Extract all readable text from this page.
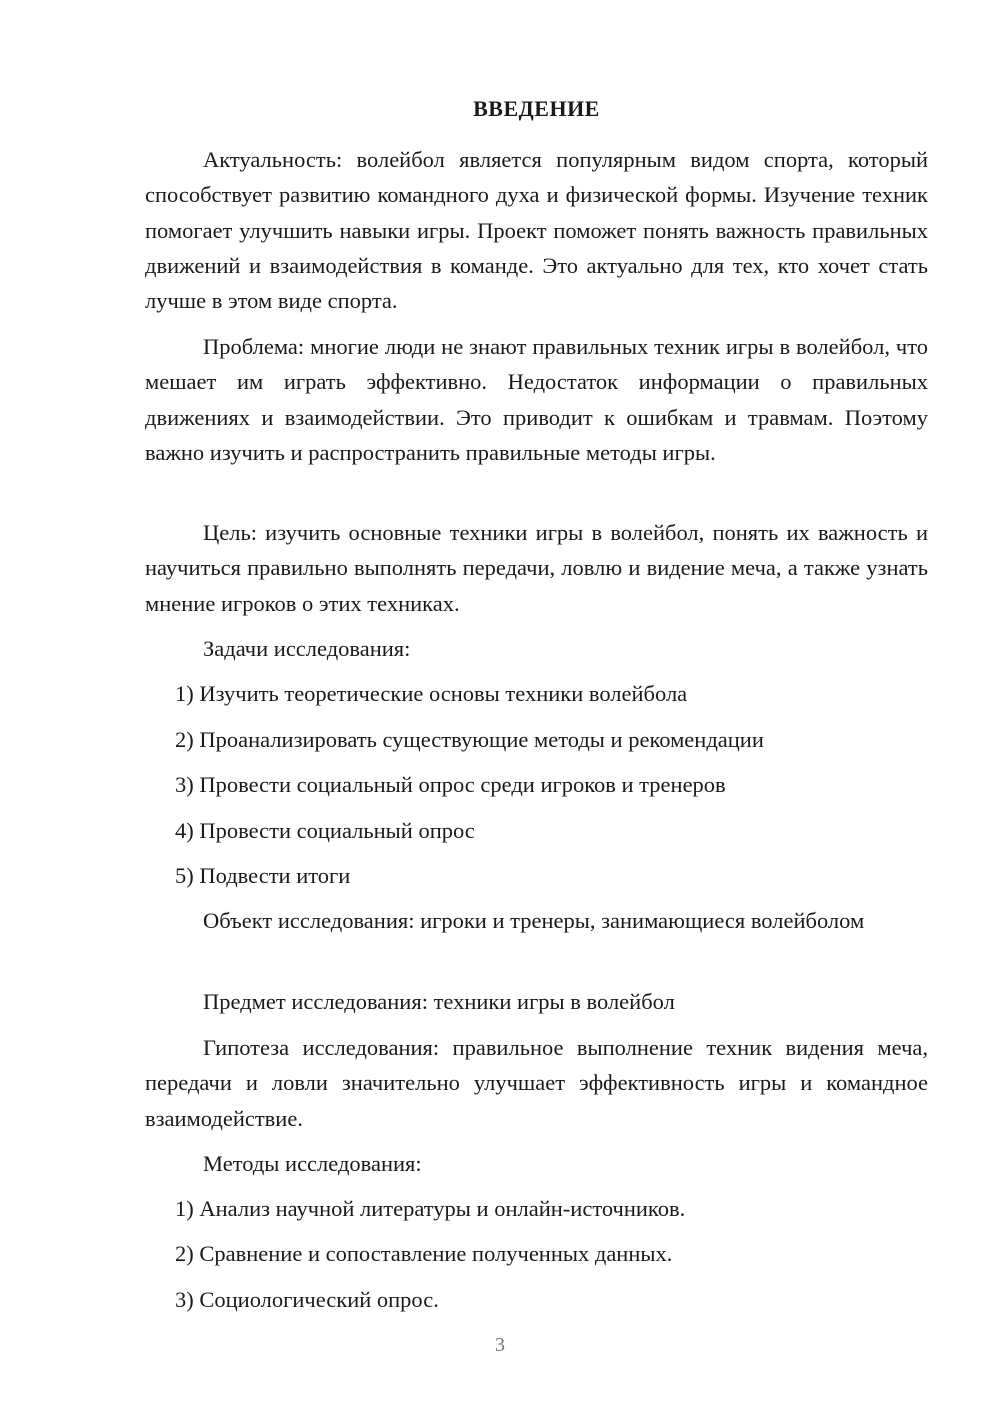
ВВЕДЕНИЕ

Актуальность: волейбол является популярным видом спорта, который способствует развитию командного духа и физической формы. Изучение техник помогает улучшить навыки игры. Проект поможет понять важность правильных движений и взаимодействия в команде. Это актуально для тех, кто хочет стать лучше в этом виде спорта.

Проблема: многие люди не знают правильных техник игры в волейбол, что мешает им играть эффективно. Недостаток информации о правильных движениях и взаимодействии. Это приводит к ошибкам и травмам. Поэтому важно изучить и распространить правильные методы игры.

Цель: изучить основные техники игры в волейбол, понять их важность и научиться правильно выполнять передачи, ловлю и видение меча, а также узнать мнение игроков о этих техниках.

Задачи исследования:

1) Изучить теоретические основы техники волейбола

2) Проанализировать существующие методы и рекомендации

3) Провести социальный опрос среди игроков и тренеров

4) Провести социальный опрос

5) Подвести итоги

Объект исследования: игроки и тренеры, занимающиеся волейболом

Предмет исследования: техники игры в волейбол

Гипотеза исследования: правильное выполнение техник видения меча, передачи и ловли значительно улучшает эффективность игры и командное взаимодействие.

Методы исследования:

1) Анализ научной литературы и онлайн-источников.

2) Сравнение и сопоставление полученных данных.

3) Социологический опрос.

3
